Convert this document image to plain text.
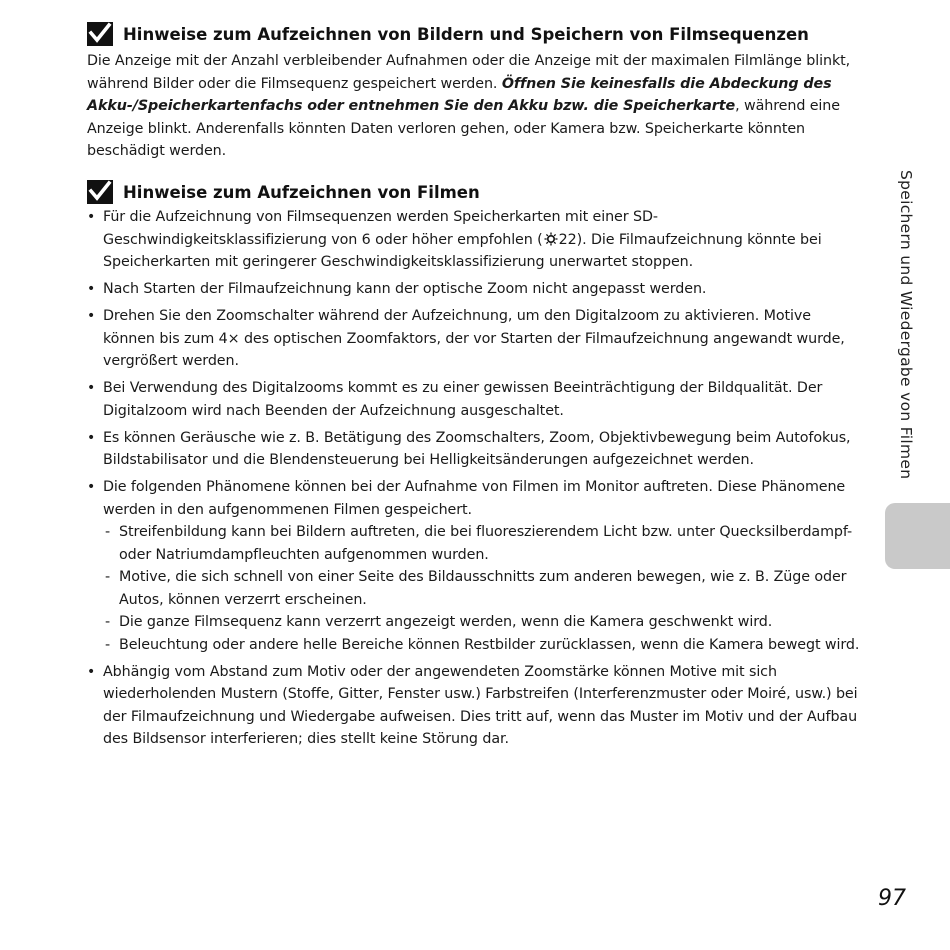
Hinweise zum Aufzeichnen von Bildern und Speichern von Filmsequenzen
Die Anzeige mit der Anzahl verbleibender Aufnahmen oder die Anzeige mit der maximalen Filmlänge blinkt, während Bilder oder die Filmsequenz gespeichert werden. Öffnen Sie keinesfalls die Abdeckung des Akku-/Speicherkartenfachs oder entnehmen Sie den Akku bzw. die Speicherkarte, während eine Anzeige blinkt. Anderenfalls könnten Daten verloren gehen, oder Kamera bzw. Speicherkarte könnten beschädigt werden.
Hinweise zum Aufzeichnen von Filmen
• Für die Aufzeichnung von Filmsequenzen werden Speicherkarten mit einer SD-Geschwindigkeitsklassifizierung von 6 oder höher empfohlen ( 22). Die Filmaufzeichnung könnte bei Speicherkarten mit geringerer Geschwindigkeitsklassifizierung unerwartet stoppen.
• Nach Starten der Filmaufzeichnung kann der optische Zoom nicht angepasst werden.
• Drehen Sie den Zoomschalter während der Aufzeichnung, um den Digitalzoom zu aktivieren. Motive können bis zum 4× des optischen Zoomfaktors, der vor Starten der Filmaufzeichnung angewandt wurde, vergrößert werden.
• Bei Verwendung des Digitalzooms kommt es zu einer gewissen Beeinträchtigung der Bildqualität. Der Digitalzoom wird nach Beenden der Aufzeichnung ausgeschaltet.
• Es können Geräusche wie z. B. Betätigung des Zoomschalters, Zoom, Objektivbewegung beim Autofokus, Bildstabilisator und die Blendensteuerung bei Helligkeitsänderungen aufgezeichnet werden.
• Die folgenden Phänomene können bei der Aufnahme von Filmen im Monitor auftreten. Diese Phänomene werden in den aufgenommenen Filmen gespeichert.
- Streifenbildung kann bei Bildern auftreten, die bei fluoreszierendem Licht bzw. unter Quecksilberdampf- oder Natriumdampfleuchten aufgenommen wurden.
- Motive, die sich schnell von einer Seite des Bildausschnitts zum anderen bewegen, wie z. B. Züge oder Autos, können verzerrt erscheinen.
- Die ganze Filmsequenz kann verzerrt angezeigt werden, wenn die Kamera geschwenkt wird.
- Beleuchtung oder andere helle Bereiche können Restbilder zurücklassen, wenn die Kamera bewegt wird.
• Abhängig vom Abstand zum Motiv oder der angewendeten Zoomstärke können Motive mit sich wiederholenden Mustern (Stoffe, Gitter, Fenster usw.) Farbstreifen (Interferenzmuster oder Moiré, usw.) bei der Filmaufzeichnung und Wiedergabe aufweisen. Dies tritt auf, wenn das Muster im Motiv und der Aufbau des Bildsensor interferieren; dies stellt keine Störung dar.
Speichern und Wiedergabe von Filmen
97
